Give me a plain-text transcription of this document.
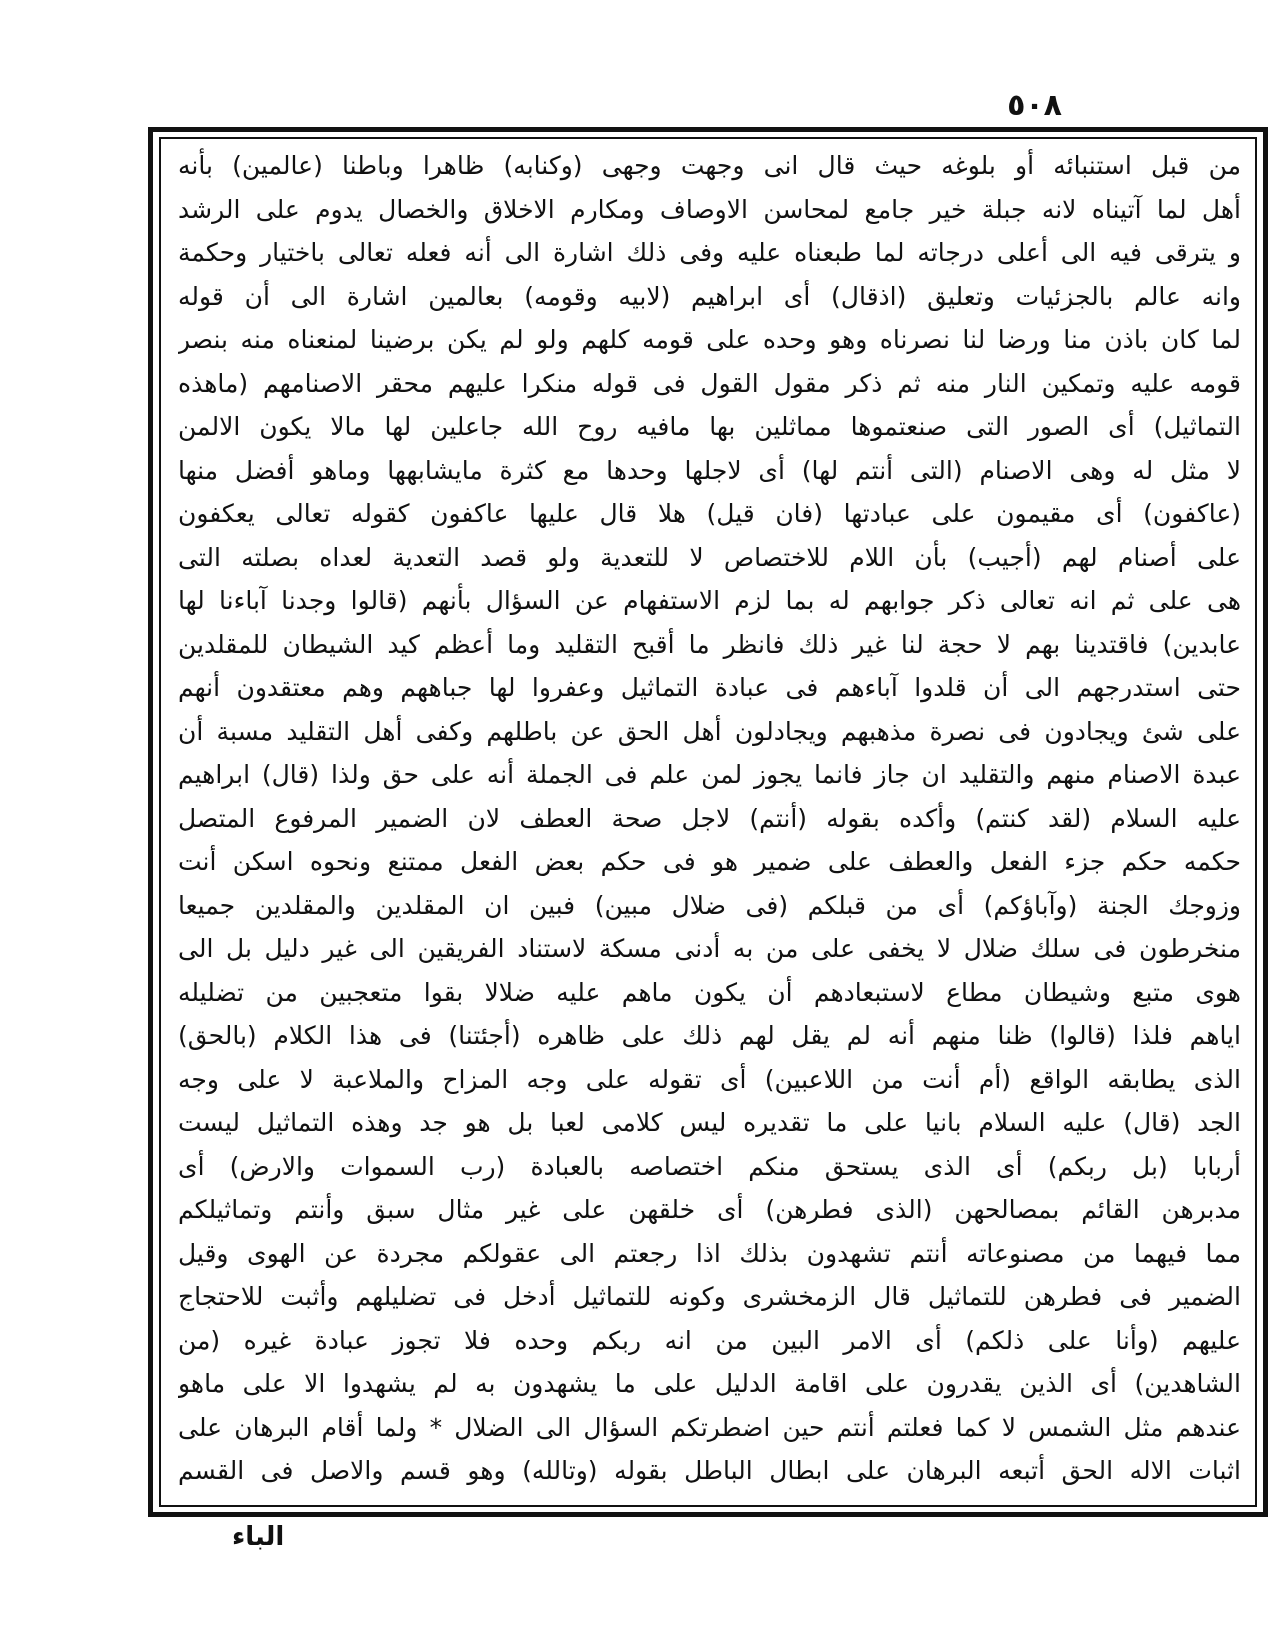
٥٠٨
من قبل استنبائه أو بلوغه حيث قال انى وجهت وجهى (وكنابه) ظاهرا وباطنا (عالمين) بأنه
أهل لما آتيناه لانه جبلة خير جامع لمحاسن الاوصاف ومكارم الاخلاق والخصال يدوم على الرشد
و يترقى فيه الى أعلى درجاته لما طبعناه عليه وفى ذلك اشارة الى أنه فعله تعالى باختيار وحكمة
وانه عالم بالجزئيات وتعليق (اذقال) أى ابراهيم (لابيه وقومه) بعالمين اشارة الى أن قوله
لما كان باذن منا ورضا لنا نصرناه وهو وحده على قومه كلهم ولو لم يكن برضينا لمنعناه منه بنصر
قومه عليه وتمكين النار منه ثم ذكر مقول القول فى قوله منكرا عليهم محقر الاصنامهم (ماهذه
التماثيل) أى الصور التى صنعتموها مماثلين بها مافيه روح الله جاعلين لها مالا يكون الالمن
لا مثل له وهى الاصنام (التى أنتم لها) أى لاجلها وحدها مع كثرة مايشابهها وماهو أفضل منها
(عاكفون) أى مقيمون على عبادتها (فان قيل) هلا قال عليها عاكفون كقوله تعالى يعكفون
على أصنام لهم (أجيب) بأن اللام للاختصاص لا للتعدية ولو قصد التعدية لعداه بصلته التى
هى على ثم انه تعالى ذكر جوابهم له بما لزم الاستفهام عن السؤال بأنهم (قالوا وجدنا آباءنا لها
عابدين) فاقتدينا بهم لا حجة لنا غير ذلك فانظر ما أقبح التقليد وما أعظم كيد الشيطان للمقلدين
حتى استدرجهم الى أن قلدوا آباءهم فى عبادة التماثيل وعفروا لها جباههم وهم معتقدون أنهم
على شئ ويجادون فى نصرة مذهبهم ويجادلون أهل الحق عن باطلهم وكفى أهل التقليد مسبة أن
عبدة الاصنام منهم والتقليد ان جاز فانما يجوز لمن علم فى الجملة أنه على حق ولذا (قال) ابراهيم
عليه السلام (لقد كنتم) وأكده بقوله (أنتم) لاجل صحة العطف لان الضمير المرفوع المتصل
حكمه حكم جزء الفعل والعطف على ضمير هو فى حكم بعض الفعل ممتنع ونحوه اسكن أنت
وزوجك الجنة (وآباؤكم) أى من قبلكم (فى ضلال مبين) فبين ان المقلدين والمقلدين جميعا
منخرطون فى سلك ضلال لا يخفى على من به أدنى مسكة لاستناد الفريقين الى غير دليل بل الى
هوى متبع وشيطان مطاع لاستبعادهم أن يكون ماهم عليه ضلالا بقوا متعجبين من تضليله
اياهم فلذا (قالوا) ظنا منهم أنه لم يقل لهم ذلك على ظاهره (أجئتنا) فى هذا الكلام (بالحق)
الذى يطابقه الواقع (أم أنت من اللاعبين) أى تقوله على وجه المزاح والملاعبة لا على وجه
الجد (قال) عليه السلام بانيا على ما تقديره ليس كلامى لعبا بل هو جد وهذه التماثيل ليست
أربابا (بل ربكم) أى الذى يستحق منكم اختصاصه بالعبادة (رب السموات والارض) أى
مدبرهن القائم بمصالحهن (الذى فطرهن) أى خلقهن على غير مثال سبق وأنتم وتماثيلكم
مما فيهما من مصنوعاته أنتم تشهدون بذلك اذا رجعتم الى عقولكم مجردة عن الهوى وقيل
الضمير فى فطرهن للتماثيل قال الزمخشرى وكونه للتماثيل أدخل فى تضليلهم وأثبت للاحتجاج
عليهم (وأنا على ذلكم) أى الامر البين من انه ربكم وحده فلا تجوز عبادة غيره (من
الشاهدين) أى الذين يقدرون على اقامة الدليل على ما يشهدون به لم يشهدوا الا على ماهو
عندهم مثل الشمس لا كما فعلتم أنتم حين اضطرتكم السؤال الى الضلال * ولما أقام البرهان على
اثبات الاله الحق أتبعه البرهان على ابطال الباطل بقوله (وتالله) وهو قسم والاصل فى القسم
الباء
